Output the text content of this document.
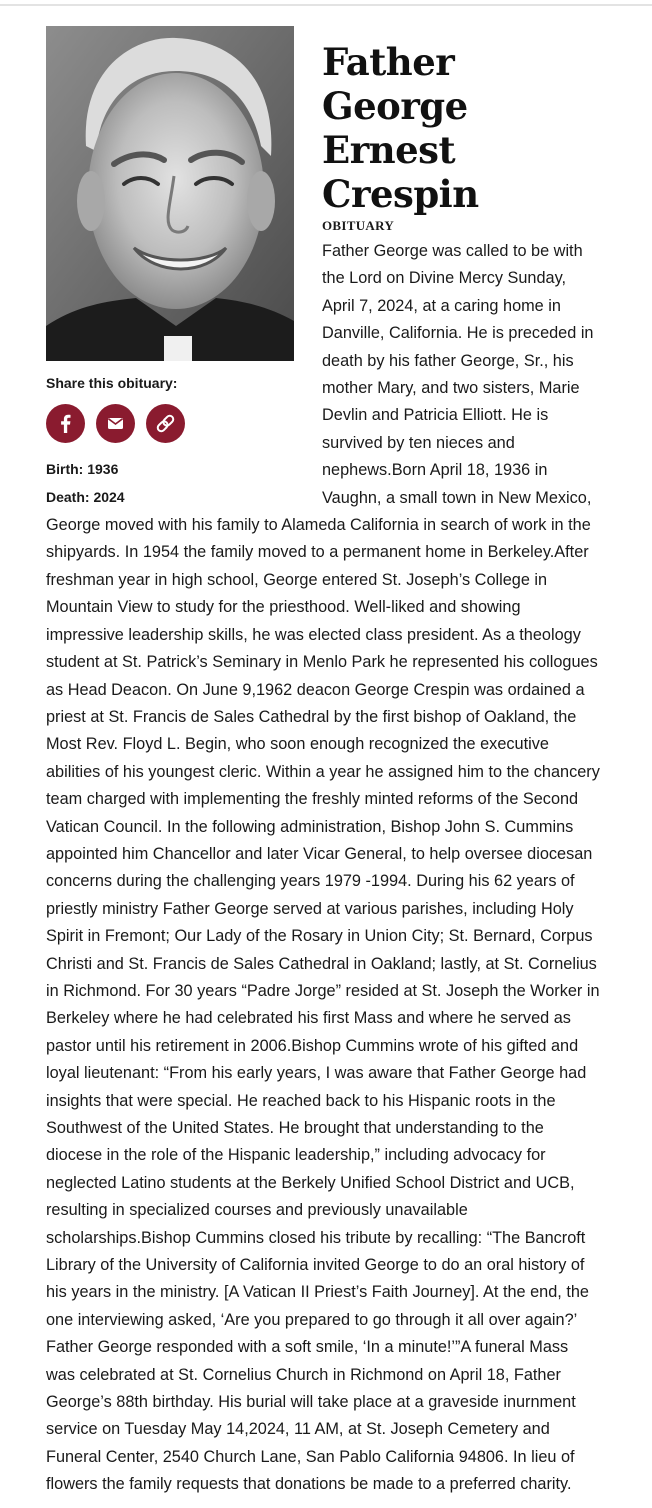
Share this obituary:
Birth: 1936
Death: 2024
Father George Ernest Crespin
OBITUARY
Father George was called to be with the Lord on Divine Mercy Sunday, April 7, 2024, at a caring home in Danville, California. He is preceded in death by his father George, Sr., his mother Mary, and two sisters, Marie Devlin and Patricia Elliott. He is survived by ten nieces and nephews.Born April 18, 1936 in Vaughn, a small town in New Mexico, George moved with his family to Alameda California in search of work in the shipyards. In 1954 the family moved to a permanent home in Berkeley.After freshman year in high school, George entered St. Joseph’s College in Mountain View to study for the priesthood. Well-liked and showing impressive leadership skills, he was elected class president. As a theology student at St. Patrick’s Seminary in Menlo Park he represented his collogues as Head Deacon. On June 9,1962 deacon George Crespin was ordained a priest at St. Francis de Sales Cathedral by the first bishop of Oakland, the Most Rev. Floyd L. Begin, who soon enough recognized the executive abilities of his youngest cleric. Within a year he assigned him to the chancery team charged with implementing the freshly minted reforms of the Second Vatican Council. In the following administration, Bishop John S. Cummins appointed him Chancellor and later Vicar General, to help oversee diocesan concerns during the challenging years 1979 -1994. During his 62 years of priestly ministry Father George served at various parishes, including Holy Spirit in Fremont; Our Lady of the Rosary in Union City; St. Bernard, Corpus Christi and St. Francis de Sales Cathedral in Oakland; lastly, at St. Cornelius in Richmond. For 30 years “Padre Jorge” resided at St. Joseph the Worker in Berkeley where he had celebrated his first Mass and where he served as pastor until his retirement in 2006.Bishop Cummins wrote of his gifted and loyal lieutenant: “From his early years, I was aware that Father George had insights that were special. He reached back to his Hispanic roots in the Southwest of the United States. He brought that understanding to the diocese in the role of the Hispanic leadership,” including advocacy for neglected Latino students at the Berkely Unified School District and UCB, resulting in specialized courses and previously unavailable scholarships.Bishop Cummins closed his tribute by recalling: “The Bancroft Library of the University of California invited George to do an oral history of his years in the ministry. [A Vatican II Priest’s Faith Journey]. At the end, the one interviewing asked, ‘Are you prepared to go through it all over again?’ Father George responded with a soft smile, ‘In a minute!’”A funeral Mass was celebrated at St. Cornelius Church in Richmond on April 18, Father George’s 88th birthday. His burial will take place at a graveside inurnment service on Tuesday May 14,2024, 11 AM, at St. Joseph Cemetery and Funeral Center, 2540 Church Lane, San Pablo California 94806. In lieu of flowers the family requests that donations be made to a preferred charity.
